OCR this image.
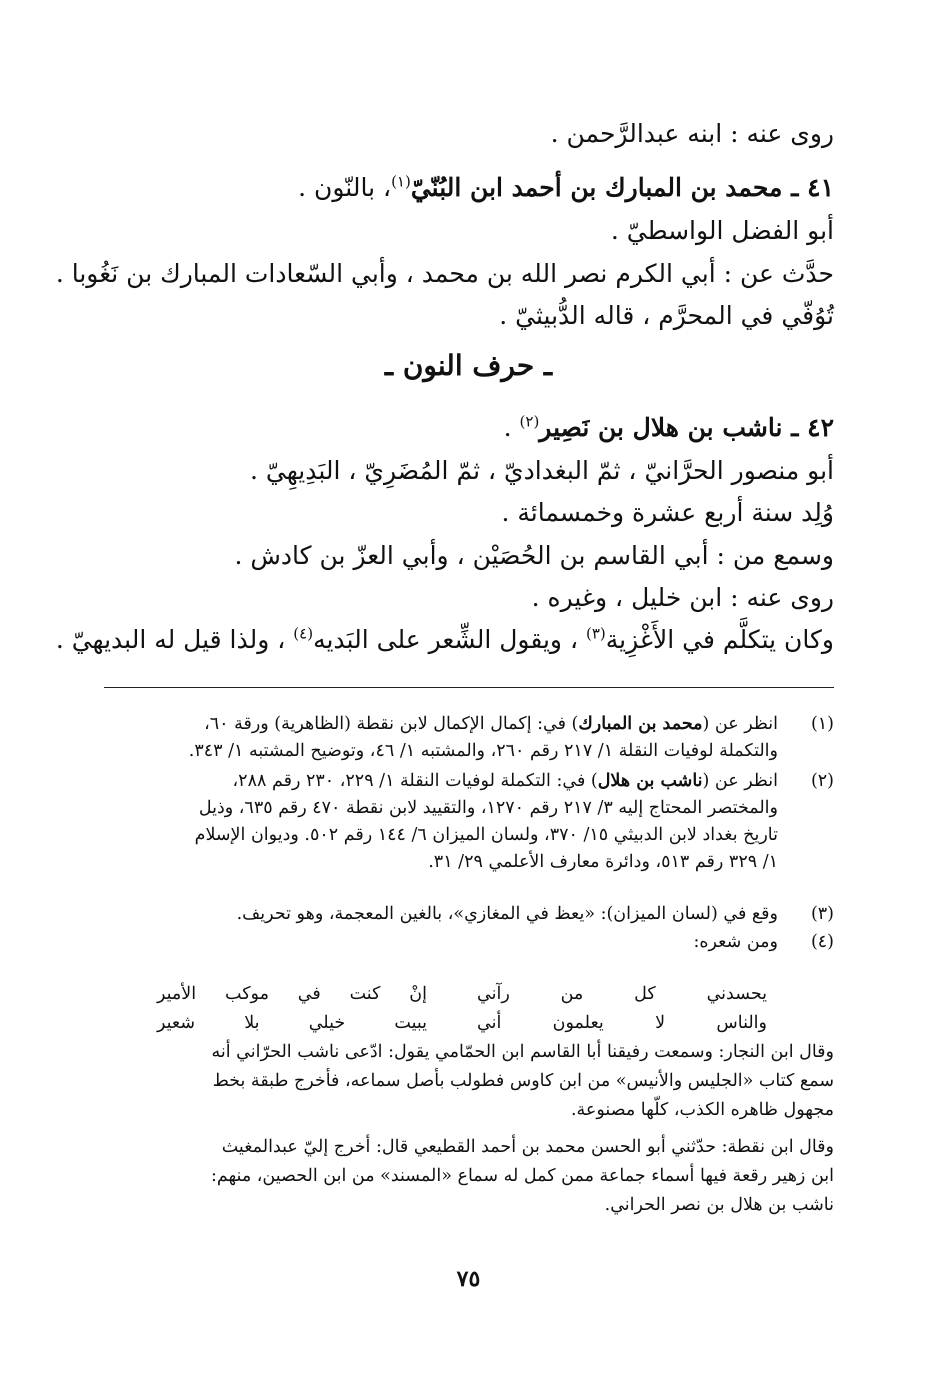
روى عنه : ابنه عبدالرَّحمن .
٤١ ـ محمد بن المبارك بن أحمد ابن البُنّيّ$^{(١)}$، بالنّون .
أبو الفضل الواسطيّ .
حدَّث عن : أبي الكرم نصر الله بن محمد ، وأبي السّعادات المبارك بن نَغُوبا .
تُوُفّي في المحرَّم ، قاله الدُّبيثيّ .
ـ حرف النون ـ
٤٢ ـ ناشب بن هلال بن نَصِير$^{(٢)}$ .
أبو منصور الحرَّانيّ ، ثمّ البغداديّ ، ثمّ المُضَرِيّ ، البَدِيهِيّ .
وُلِد سنة أربع عشرة وخمسمائة .
وسمع من : أبي القاسم بن الحُصَيْن ، وأبي العزّ بن كادش .
روى عنه : ابن خليل ، وغيره .
وكان يتكلَّم في الأَغْزِية$^{(٣)}$ ، ويقول الشِّعر على البَديه$^{(٤)}$ ، ولذا قيل له البديهيّ .
(١)
انظر عن (محمد بن المبارك) في: إكمال الإكمال لابن نقطة (الظاهرية) ورقة ٦٠،
والتكملة لوفيات النقلة ١/ ٢١٧ رقم ٢٦٠، والمشتبه ١/ ٤٦، وتوضيح المشتبه ١/ ٣٤٣.
(٢)
انظر عن (ناشب بن هلال) في: التكملة لوفيات النقلة ١/ ٢٢٩، ٢٣٠ رقم ٢٨٨،
والمختصر المحتاج إليه ٣/ ٢١٧ رقم ١٢٧٠، والتقييد لابن نقطة ٤٧٠ رقم ٦٣٥، وذيل
تاريخ بغداد لابن الدبيثي ١٥/ ٣٧٠، ولسان الميزان ٦/ ١٤٤ رقم ٥٠٢. وديوان الإسلام
١/ ٣٢٩ رقم ٥١٣، ودائرة معارف الأعلمي ٢٩/ ٣١.
(٣)
وقع في (لسان الميزان): «يعظ في المغازي»، بالغين المعجمة، وهو تحريف.
(٤)
ومن شعره:
يحسدني كل من رآني
إنْ كنت في موكب الأمير
والناس لا يعلمون أني
يبيت خيلي بلا شعير
وقال ابن النجار: وسمعت رفيقنا أبا القاسم ابن الحمّامي يقول: ادّعى ناشب الحرّاني أنه
سمع كتاب «الجليس والأنيس» من ابن كاوس فطولب بأصل سماعه، فأخرج طبقة بخط
مجهول ظاهره الكذب، كلّها مصنوعة.
وقال ابن نقطة: حدّثني أبو الحسن محمد بن أحمد القطيعي قال: أخرج إليّ عبدالمغيث
ابن زهير رقعة فيها أسماء جماعة ممن كمل له سماع «المسند» من ابن الحصين، منهم:
ناشب بن هلال بن نصر الحراني.
٧٥
